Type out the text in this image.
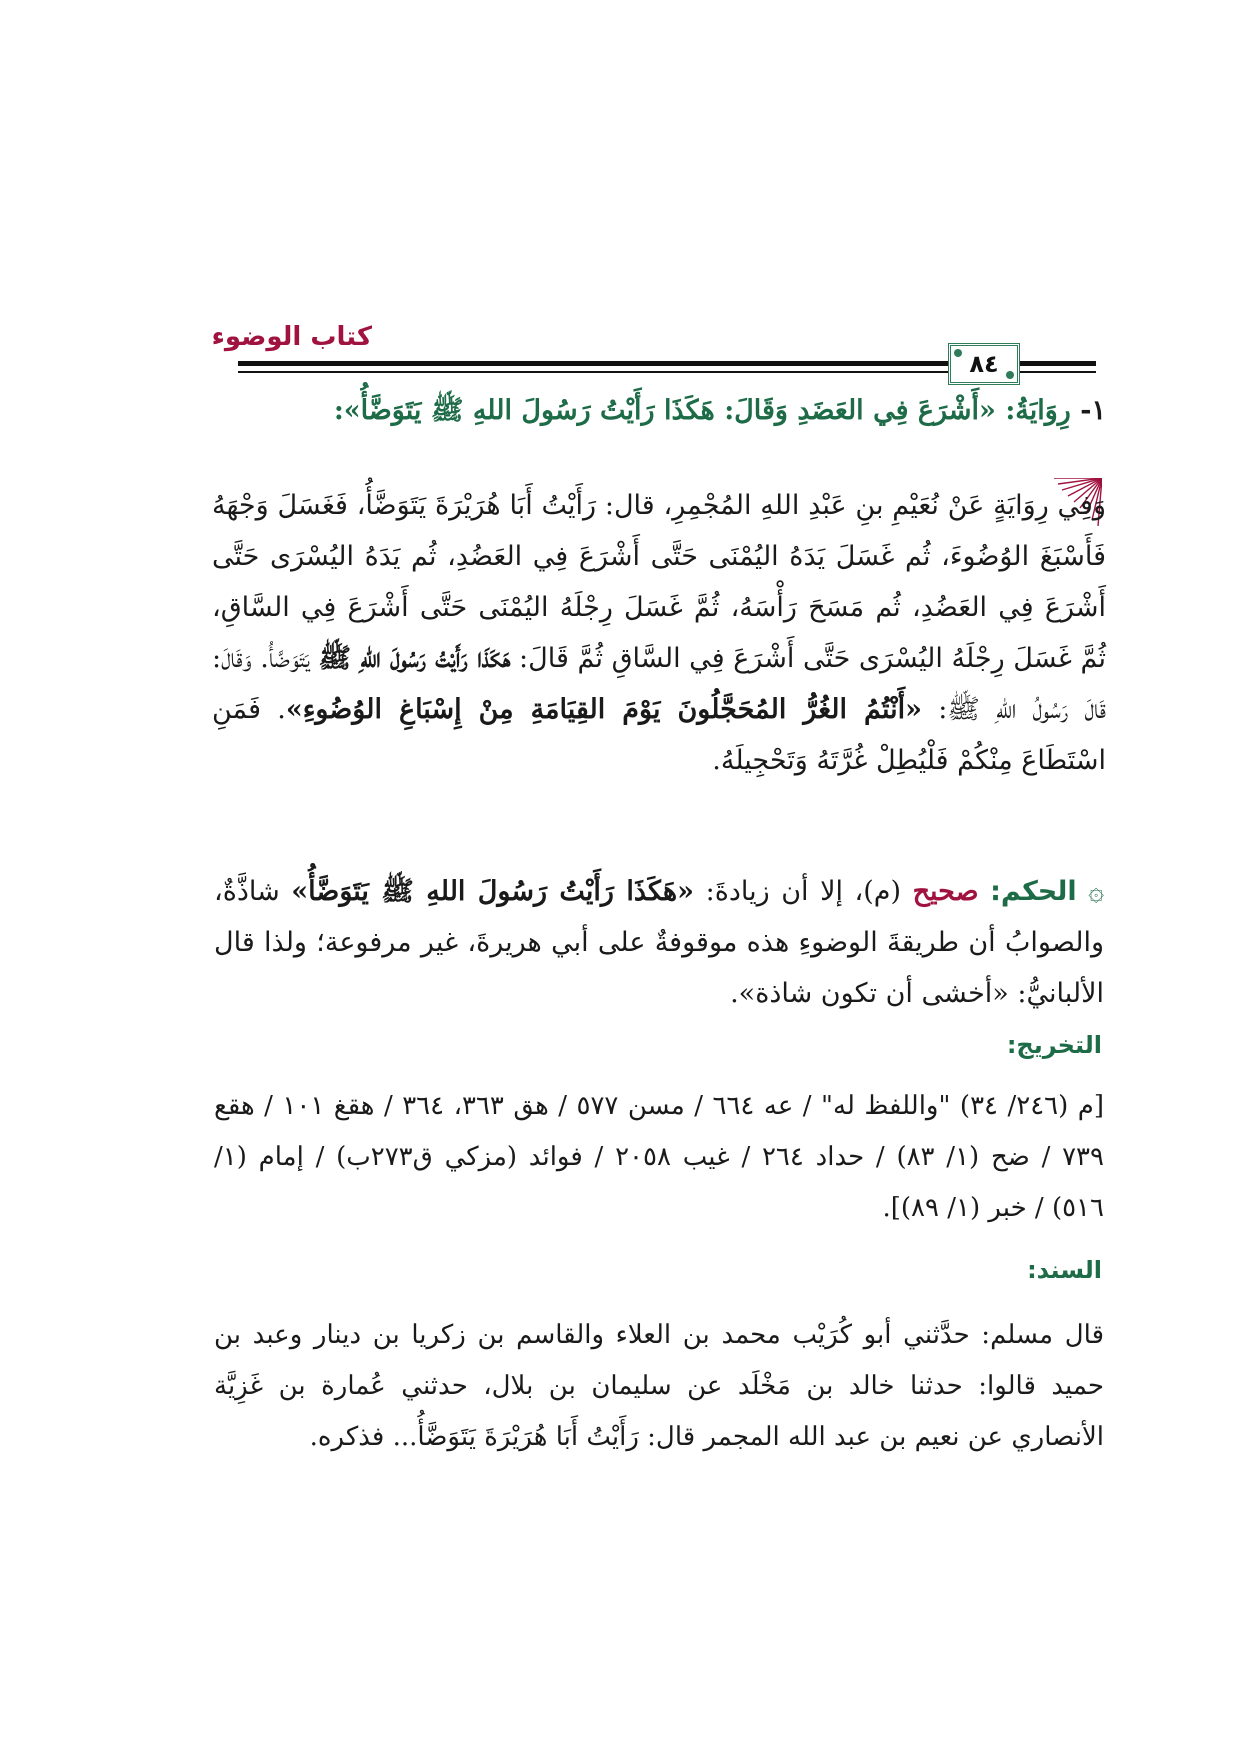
كتاب الوضوء
٨٤
١- رِوَايَةُ: «أَشْرَعَ فِي العَضَدِ وَقَالَ: هَكَذَا رَأَيْتُ رَسُولَ اللهِ ﷺ يَتَوَضَّأُ»:

وَفِي رِوَايَةٍ عَنْ نُعَيْمِ بنِ عَبْدِ اللهِ المُجْمِرِ، قال: رَأَيْتُ أَبَا هُرَيْرَةَ يَتَوَضَّأُ، فَغَسَلَ وَجْهَهُ فَأَسْبَغَ الوُضُوءَ، ثُم غَسَلَ يَدَهُ اليُمْنَى حَتَّى أَشْرَعَ فِي العَضُدِ، ثُم يَدَهُ اليُسْرَى حَتَّى أَشْرَعَ فِي العَضُدِ، ثُم مَسَحَ رَأْسَهُ، ثُمَّ غَسَلَ رِجْلَهُ اليُمْنَى حَتَّى أَشْرَعَ فِي السَّاقِ، ثُمَّ غَسَلَ رِجْلَهُ اليُسْرَى حَتَّى أَشْرَعَ فِي السَّاقِ ثُمَّ قَالَ: هَكَذَا رَأَيْتُ رَسُولَ اللهِ ﷺ يَتَوَضَّأُ. وَقَالَ: قَالَ رَسُولُ اللهِ ﷺ: «أَنْتُمُ الغُرُّ المُحَجَّلُونَ يَوْمَ القِيَامَةِ مِنْ إِسْبَاغِ الوُضُوءِ». فَمَنِ اسْتَطَاعَ مِنْكُمْ فَلْيُطِلْ غُرَّتَهُ وَتَحْجِيلَهُ.

۞ الحكم: صحيح (م)، إلا أن زيادةَ: «هَكَذَا رَأَيْتُ رَسُولَ اللهِ ﷺ يَتَوَضَّأُ» شاذَّةٌ، والصوابُ أن طريقةَ الوضوءِ هذه موقوفةٌ على أبي هريرةَ، غير مرفوعة؛ ولذا قال الألبانيُّ: «أخشى أن تكون شاذة».
التخريج:
[م (٢٤٦/ ٣٤) "واللفظ له" / عه ٦٦٤ / مسن ٥٧٧ / هق ٣٦٣، ٣٦٤ / هقغ ١٠١ / هقع ٧٣٩ / ضح (١/ ٨٣) / حداد ٢٦٤ / غيب ٢٠٥٨ / فوائد (مزكي ق٢٧٣ب) / إمام (١/ ٥١٦) / خبر (١/ ٨٩)].
السند:
قال مسلم: حدَّثني أبو كُرَيْب محمد بن العلاء والقاسم بن زكريا بن دينار وعبد بن حميد قالوا: حدثنا خالد بن مَخْلَد عن سليمان بن بلال، حدثني عُمارة بن غَزِيَّة الأنصاري عن نعيم بن عبد الله المجمر قال: رَأَيْتُ أَبَا هُرَيْرَةَ يَتَوَضَّأُ... فذكره.
